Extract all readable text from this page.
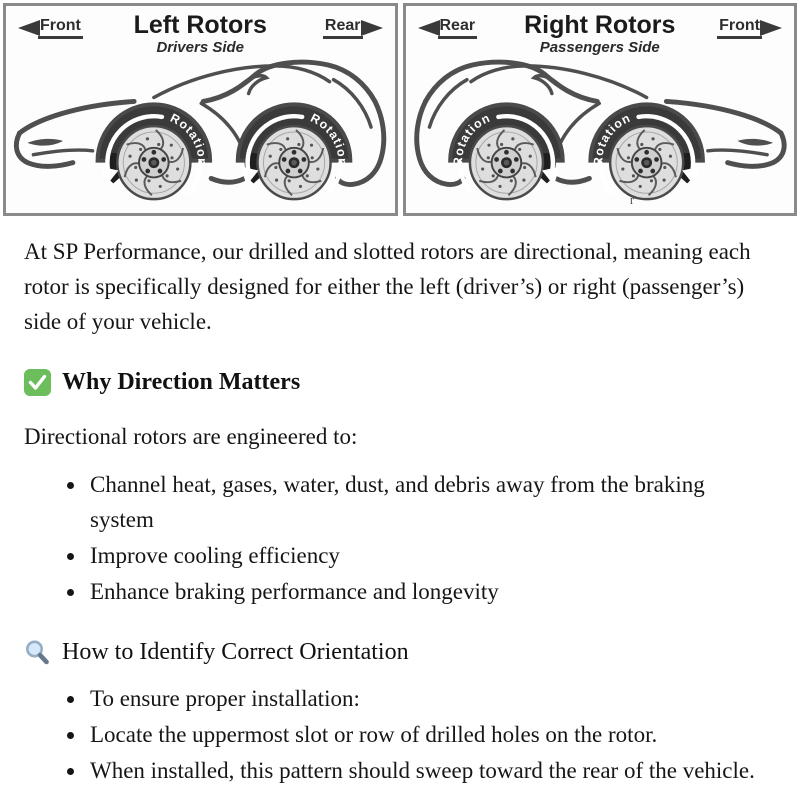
Front	Left Rotors
Drivers Side
Rear
Rotation
Rotation
Rear	Right Rotors
Passengers Side
Front
Rotation
Rotation
r

At SP Performance, our drilled and slotted rotors are directional, meaning each rotor is specifically designed for either the left (driver’s) or right (passenger’s) side of your vehicle.

Why Direction Matters

Directional rotors are engineered to:

• Channel heat, gases, water, dust, and debris away from the braking system
• Improve cooling efficiency
• Enhance braking performance and longevity
How to Identify Correct Orientation
• To ensure proper installation:
• Locate the uppermost slot or row of drilled holes on the rotor.
• When installed, this pattern should sweep toward the rear of the vehicle.
